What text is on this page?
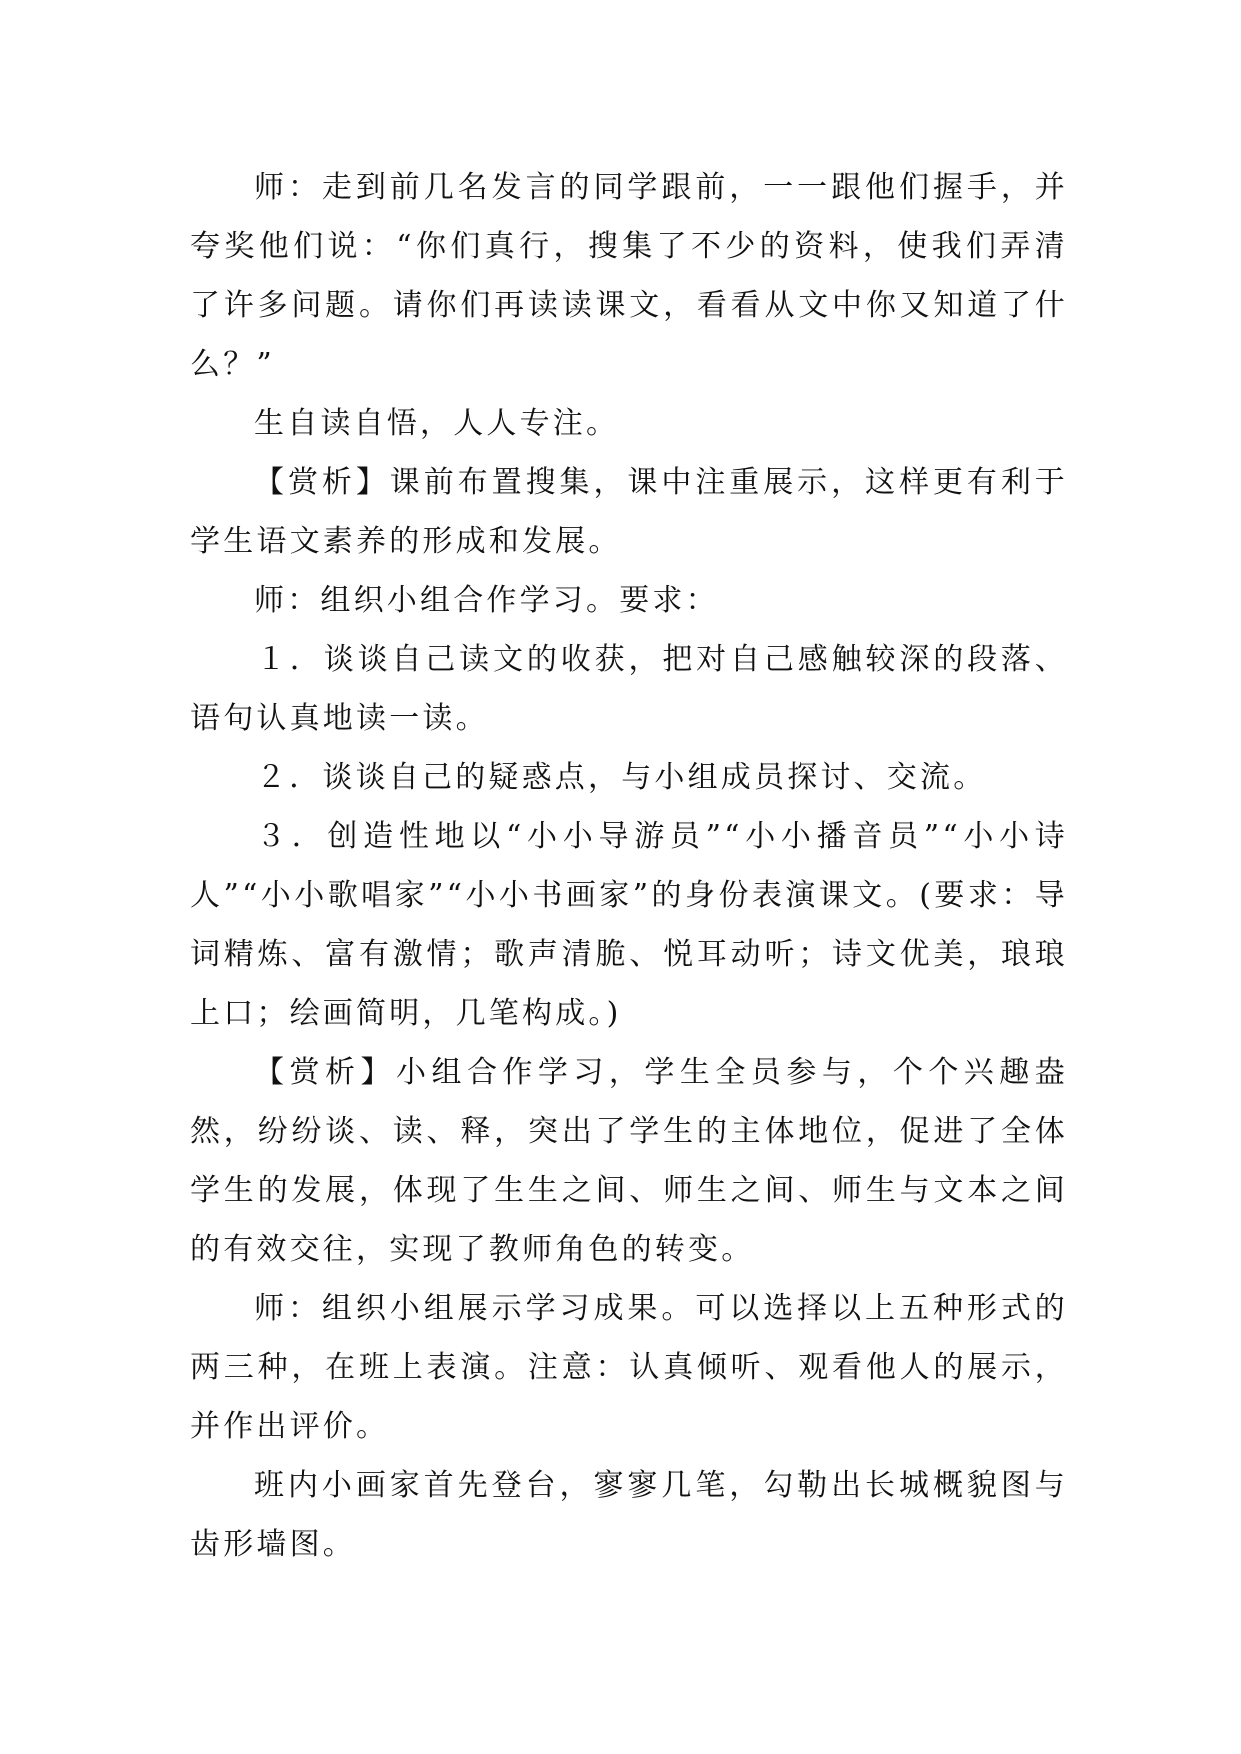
师：走到前几名发言的同学跟前，一一跟他们握手，并夸奖他们说：“你们真行，搜集了不少的资料，使我们弄清了许多问题。请你们再读读课文，看看从文中你又知道了什么？”

生自读自悟，人人专注。

【赏析】课前布置搜集，课中注重展示，这样更有利于学生语文素养的形成和发展。

师：组织小组合作学习。要求：

１．谈谈自己读文的收获，把对自己感触较深的段落、语句认真地读一读。

２．谈谈自己的疑惑点，与小组成员探讨、交流。

３．创造性地以“小小导游员”“小小播音员”“小小诗人”“小小歌唱家”“小小书画家”的身份表演课文。(要求：导词精炼、富有激情；歌声清脆、悦耳动听；诗文优美，琅琅上口；绘画简明，几笔构成。)

【赏析】小组合作学习，学生全员参与，个个兴趣盎然，纷纷谈、读、释，突出了学生的主体地位，促进了全体学生的发展，体现了生生之间、师生之间、师生与文本之间的有效交往，实现了教师角色的转变。

师：组织小组展示学习成果。可以选择以上五种形式的两三种，在班上表演。注意：认真倾听、观看他人的展示，并作出评价。

班内小画家首先登台，寥寥几笔，勾勒出长城概貌图与齿形墙图。
